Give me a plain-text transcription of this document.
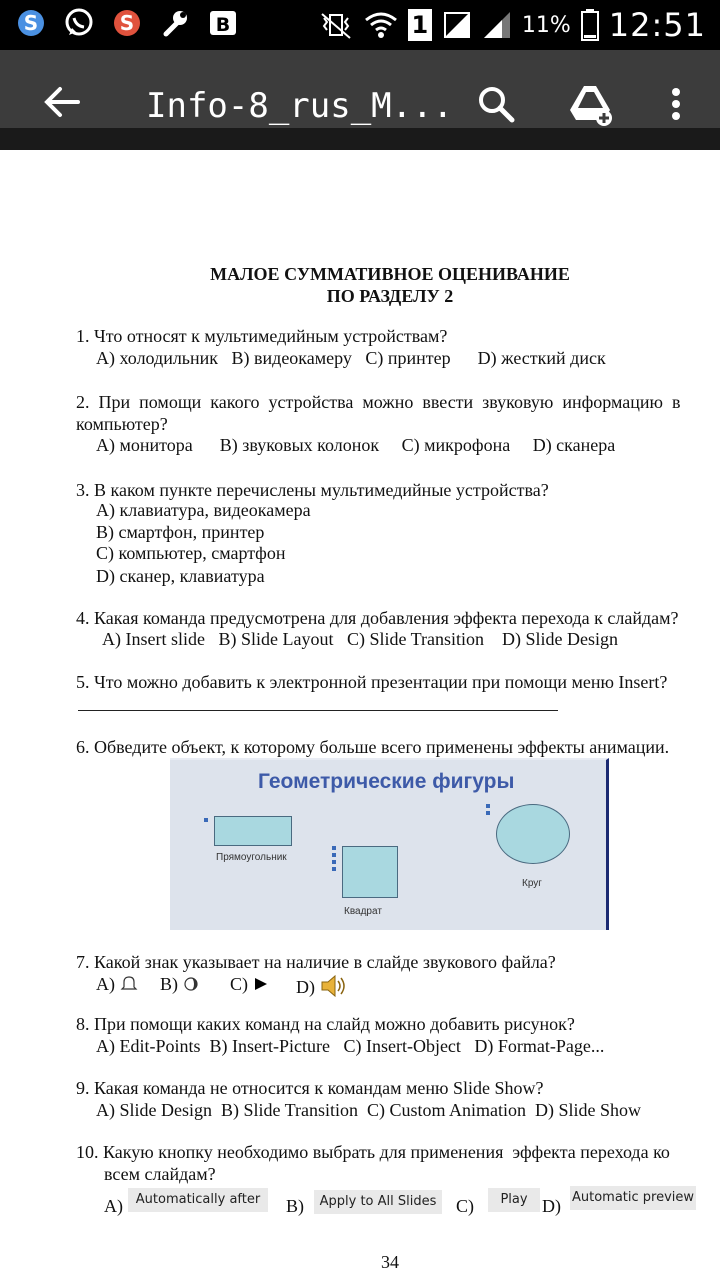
S	S	B	1	11% 12:51
Info-8_rus_M...
МАЛОЕ СУММАТИВНОЕ ОЦЕНИВАНИЕ
ПО РАЗДЕЛУ 2
1. Что относят к мультимедийным устройствам?
А) холодильник   B) видеокамеру   C) принтер      D) жесткий диск
2.  При  помощи  какого  устройства  можно  ввести  звуковую  информацию  в
компьютер?
А) монитора      B) звуковых колонок     C) микрофона     D) сканера
3. В каком пункте перечислены мультимедийные устройства?
А) клавиатура, видеокамера
B) смартфон, принтер
C) компьютер, смартфон
D) сканер, клавиатура
4. Какая команда предусмотрена для добавления эффекта перехода к слайдам?
A) Insert slide   B) Slide Layout   C) Slide Transition    D) Slide Design
5. Что можно добавить к электронной презентации при помощи меню Insert?
6. Обведите объект, к которому больше всего применены эффекты анимации.
Геометрические фигуры
Прямоугольник
Квадрат
Круг
7. Какой знак указывает на наличие в слайде звукового файла?
A)	B)	C)	D)
8. При помощи каких команд на слайд можно добавить рисунок?
A) Edit-Points  B) Insert-Picture   C) Insert-Object   D) Format-Page...
9. Какая команда не относится к командам меню Slide Show?
A) Slide Design  B) Slide Transition  C) Custom Animation  D) Slide Show
10. Какую кнопку необходимо выбрать для применения  эффекта перехода ко
всем слайдам?
A) Automatically after	B)	Apply to All Slides	C)	Play D) Automatic preview
34
